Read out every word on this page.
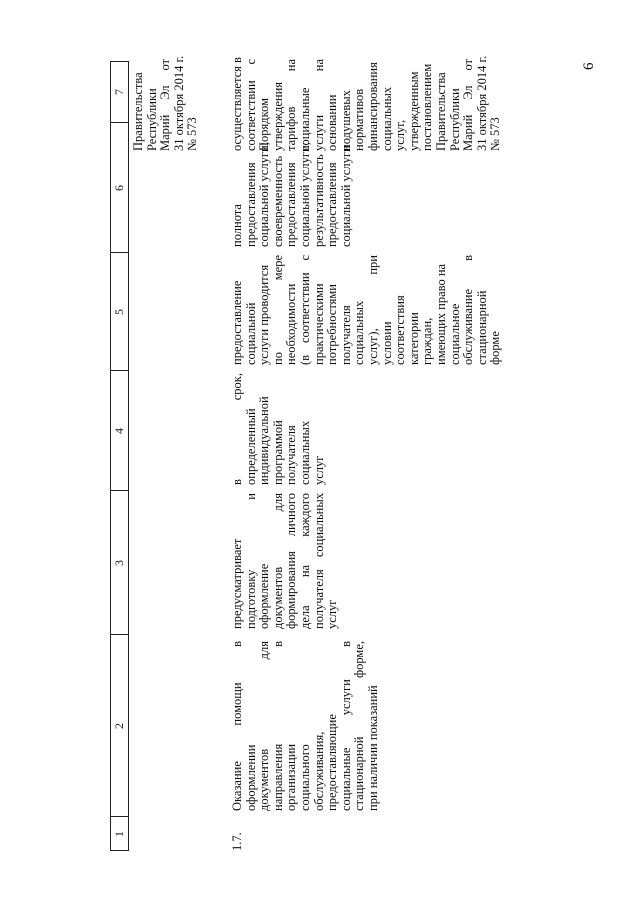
6
1
2
3
4
5
6
7 Правительства Республики Марий Эл от 31 октября 2014 г. № 573
1.7.
Оказание помощи в оформлении документов для направления в организации социального обслуживания, предоставляющие социальные услуги в стационарной форме, при наличии показаний
предусматривает подготовку и оформление документов для формирования личного дела на каждого получателя социальных услуг
в срок, определенный индивидуальной программой получателя социальных услуг
предоставление социальной услуги проводится по мере необходимости (в соответствии с практическими потребностями получателя социальных услуг), при условии соответствия категории граждан, имеющих право на социальное обслуживание в стационарной форме
полнота предоставления социальной услуги; своевременность предоставления социальной услуги; результативность предоставления социальной услуги
осуществляется в соответствии с Порядком утверждения тарифов на социальные услуги на основании подушевых нормативов финансирования социальных услуг, утвержденным постановлением Правительства Республики Марий Эл от 31 октября 2014 г. № 573
